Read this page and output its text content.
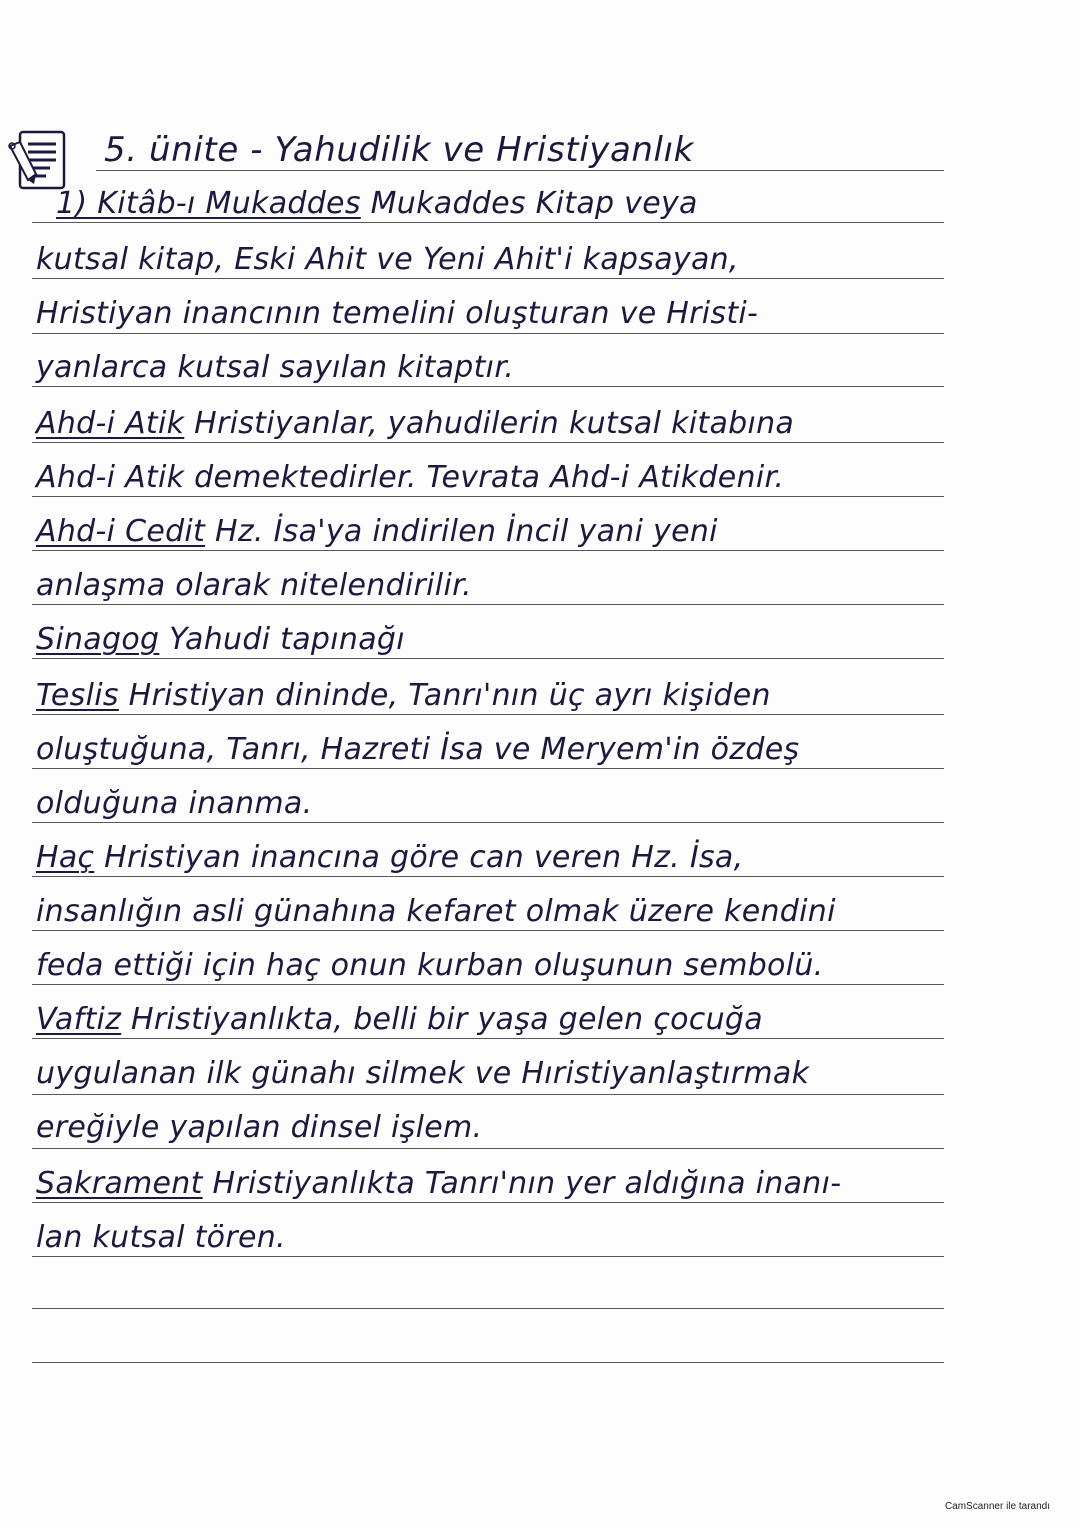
5. ünite - Yahudilik ve Hristiyanlık
1) Kitâb-ı Mukaddes Mukaddes Kitap veya
kutsal kitap, Eski Ahit ve Yeni Ahit'i kapsayan,
Hristiyan inancının temelini oluşturan ve Hristi-
yanlarca kutsal sayılan kitaptır.
Ahd-i Atik Hristiyanlar, yahudilerin kutsal kitabına
Ahd-i Atik demektedirler. Tevrata Ahd-i Atikdenir.
Ahd-i Cedit Hz. İsa'ya indirilen İncil yani yeni
anlaşma olarak nitelendirilir.
Sinagog Yahudi tapınağı
Teslis Hristiyan dininde, Tanrı'nın üç ayrı kişiden
oluştuğuna, Tanrı, Hazreti İsa ve Meryem'in özdeş
olduğuna inanma.
Haç Hristiyan inancına göre can veren Hz. İsa,
insanlığın asli günahına kefaret olmak üzere kendini
feda ettiği için haç onun kurban oluşunun sembolü.
Vaftiz Hristiyanlıkta, belli bir yaşa gelen çocuğa
uygulanan ilk günahı silmek ve Hıristiyanlaştırmak
ereğiyle yapılan dinsel işlem.
Sakrament Hristiyanlıkta Tanrı'nın yer aldığına inanı-
lan kutsal tören.
CamScanner ile tarandı
